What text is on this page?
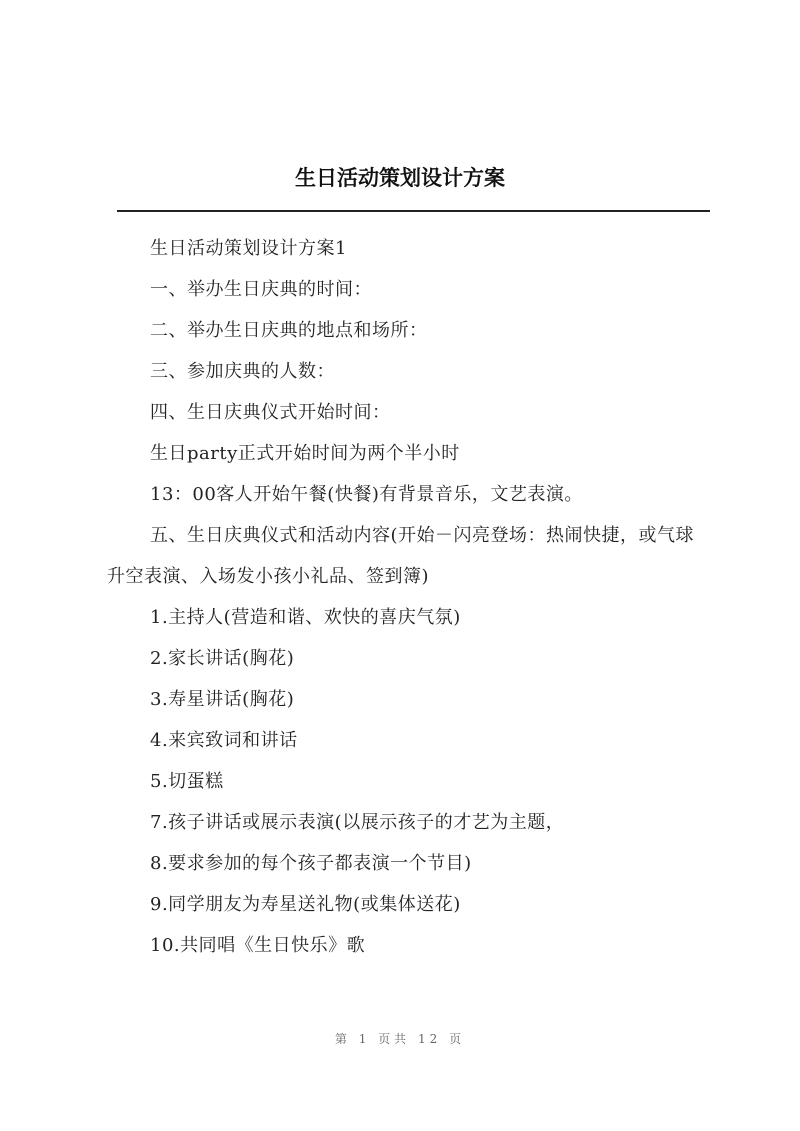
生日活动策划设计方案

生日活动策划设计方案1

一、举办生日庆典的时间：

二、举办生日庆典的地点和场所：

三、参加庆典的人数：

四、生日庆典仪式开始时间：

生日party正式开始时间为两个半小时

13：00客人开始午餐(快餐)有背景音乐，文艺表演。

五、生日庆典仪式和活动内容(开始－闪亮登场：热闹快捷，或气球升空表演、入场发小孩小礼品、签到簿)

1.主持人(营造和谐、欢快的喜庆气氛)

2.家长讲话(胸花)

3.寿星讲话(胸花)

4.来宾致词和讲话

5.切蛋糕

7.孩子讲话或展示表演(以展示孩子的才艺为主题，

8.要求参加的每个孩子都表演一个节目)

9.同学朋友为寿星送礼物(或集体送花)

10.共同唱《生日快乐》歌

第 1 页共 12 页
